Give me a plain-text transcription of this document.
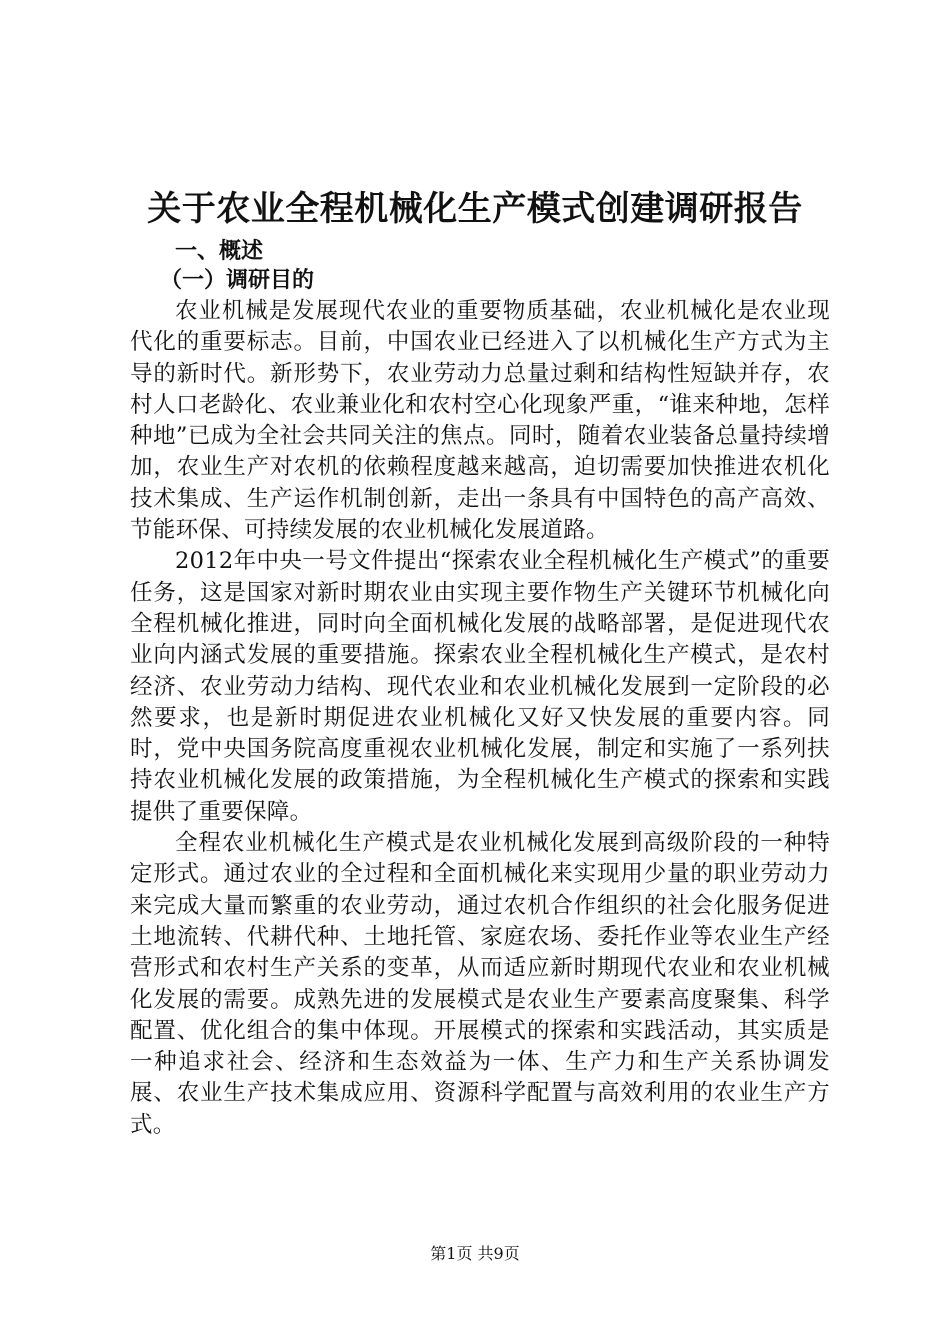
关于农业全程机械化生产模式创建调研报告
一、概述
（一）调研目的

农业机械是发展现代农业的重要物质基础，农业机械化是农业现代化的重要标志。目前，中国农业已经进入了以机械化生产方式为主导的新时代。新形势下，农业劳动力总量过剩和结构性短缺并存，农村人口老龄化、农业兼业化和农村空心化现象严重，“谁来种地，怎样种地”已成为全社会共同关注的焦点。同时，随着农业装备总量持续增加，农业生产对农机的依赖程度越来越高，迫切需要加快推进农机化技术集成、生产运作机制创新，走出一条具有中国特色的高产高效、节能环保、可持续发展的农业机械化发展道路。

2012年中央一号文件提出“探索农业全程机械化生产模式”的重要任务，这是国家对新时期农业由实现主要作物生产关键环节机械化向全程机械化推进，同时向全面机械化发展的战略部署，是促进现代农业向内涵式发展的重要措施。探索农业全程机械化生产模式，是农村经济、农业劳动力结构、现代农业和农业机械化发展到一定阶段的必然要求，也是新时期促进农业机械化又好又快发展的重要内容。同时，党中央国务院高度重视农业机械化发展，制定和实施了一系列扶持农业机械化发展的政策措施，为全程机械化生产模式的探索和实践提供了重要保障。

全程农业机械化生产模式是农业机械化发展到高级阶段的一种特定形式。通过农业的全过程和全面机械化来实现用少量的职业劳动力来完成大量而繁重的农业劳动，通过农机合作组织的社会化服务促进土地流转、代耕代种、土地托管、家庭农场、委托作业等农业生产经营形式和农村生产关系的变革，从而适应新时期现代农业和农业机械化发展的需要。成熟先进的发展模式是农业生产要素高度聚集、科学配置、优化组合的集中体现。开展模式的探索和实践活动，其实质是一种追求社会、经济和生态效益为一体、生产力和生产关系协调发展、农业生产技术集成应用、资源科学配置与高效利用的农业生产方式。

第1页 共9页
